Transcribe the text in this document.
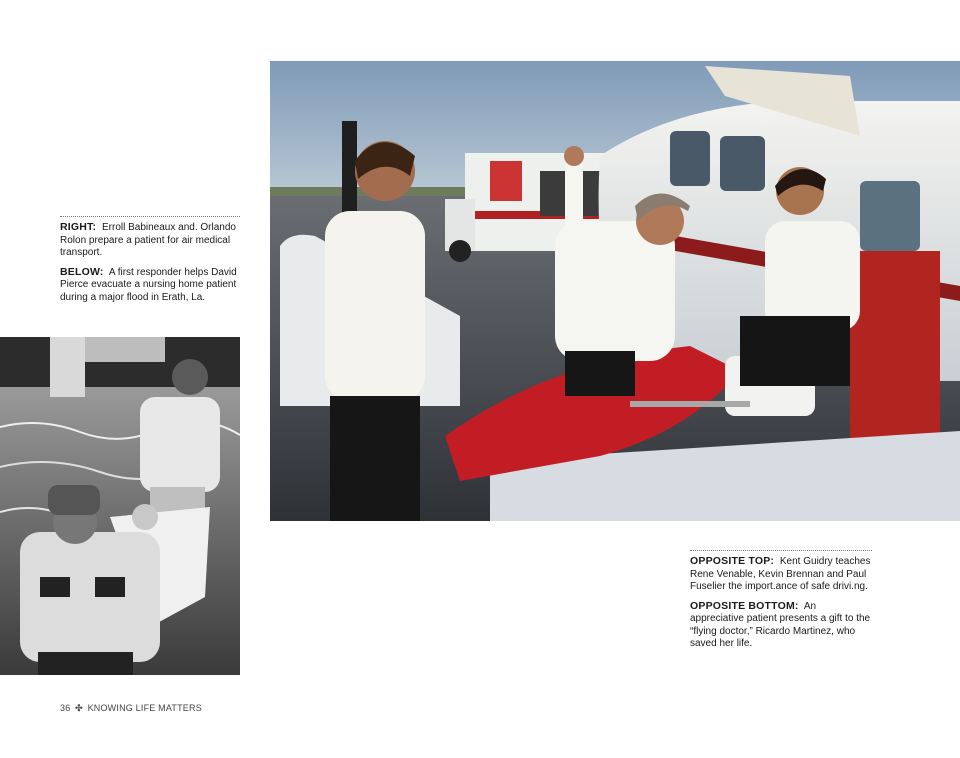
RIGHT: Erroll Babineaux and. Orlando Rolon prepare a patient for air medical transport.

BELOW: A first responder helps David Pierce evacuate a nursing home patient during a major flood in Erath, La.

OPPOSITE TOP: Kent Guidry teaches Rene Venable, Kevin Brennan and Paul Fuselier the import.ance of safe drivi.ng.

OPPOSITE BOTTOM: An appreciative patient presents a gift to the “flying doctor,” Ricardo Martinez, who saved her life.

36 ✣ KNOWING LIFE MATTERS
